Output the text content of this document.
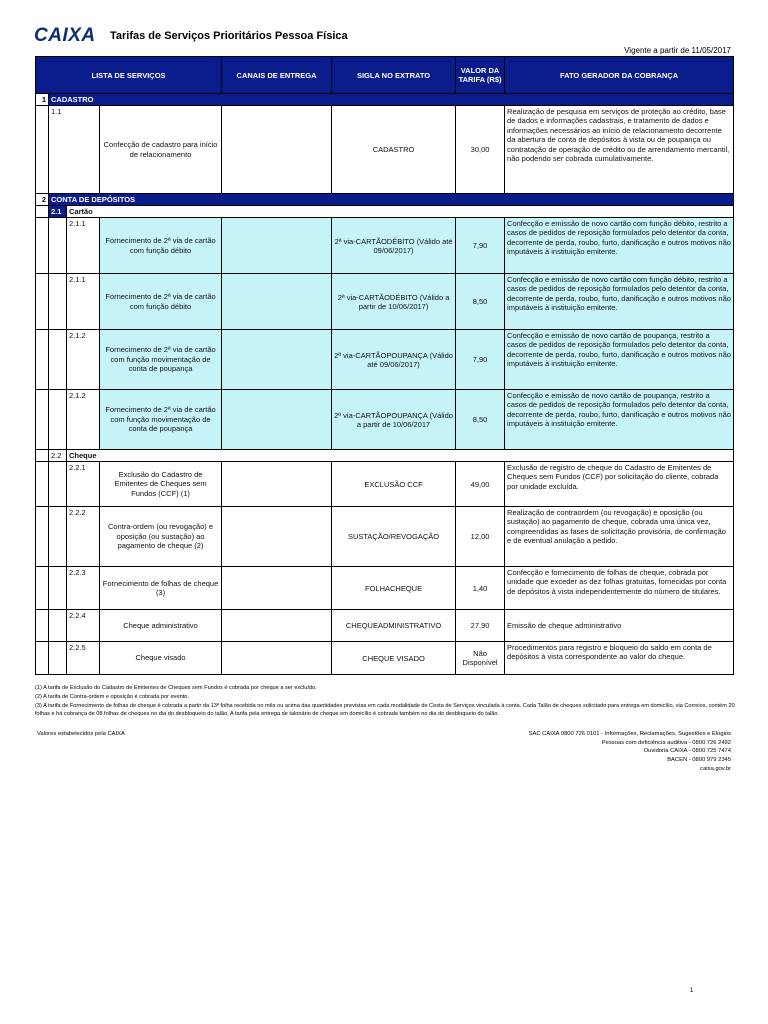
CAIXA	Tarifas de Serviços Prioritários Pessoa Física
Vigente a partir de 11/05/2017
LISTA DE SERVIÇOS				CANAIS DE ENTREGA	SIGLA NO EXTRATO	VALOR DA TARIFA (R$)	FATO GERADOR DA COBRANÇA
1	CADASTRO						
	1.1		Confecção de cadastro para início de relacionamento		CADASTRO	30,00	Realização de pesquisa em serviços de proteção ao crédito, base de dados e informações cadastrais, e tratamento de dados e informações necessários ao início de relacionamento decorrente da abertura de conta de depósitos à vista ou de poupança ou contratação de operação de crédito ou de arrendamento mercantil, não podendo ser cobrada cumulativamente.
2	CONTA DE DEPÓSITOS						
	2.1	Cartão					
		2.1.1	Fornecimento de 2ª via de cartão com função débito		2ª via-CARTÃODÉBITO (Válido até 09/06/2017)	7,90	Confecção e emissão de novo cartão com função débito, restrito a casos de pedidos de reposição formulados pelo detentor da conta, decorrente de perda, roubo, furto, danificação e outros motivos não imputáveis à instituição emitente.
		2.1.1	Fornecimento de 2ª via de cartão com função débito		2ª via-CARTÃODÉBITO (Válido a partir de 10/06/2017)	8,50	Confecção e emissão de novo cartão com função débito, restrito a casos de pedidos de reposição formulados pelo detentor da conta, decorrente de perda, roubo, furto, danificação e outros motivos não imputáveis à instituição emitente.
		2.1.2	Fornecimento de 2ª via de cartão com função movimentação de conta de poupança		2ª via-CARTÃOPOUPANÇA (Válido até 09/06/2017)	7,90	Confecção e emissão de novo cartão de poupança, restrito a casos de pedidos de reposição formulados pelo detentor da conta, decorrente de perda, roubo, furto, danificação e outros motivos não imputáveis à instituição emitente.
		2.1.2	Fornecimento de 2ª via de cartão com função movimentação de conta de poupança		2ª via-CARTÃOPOUPANÇA (Válido a partir de 10/06/2017	8,50	Confecção e emissão de novo cartão de poupança, restrito a casos de pedidos de reposição formulados pelo detentor da conta, decorrente de perda, roubo, furto, danificação e outros motivos não imputáveis à instituição emitente.
	2.2	Cheque					
		2.2.1	Exclusão do Cadastro de Emitentes de Cheques sem Fundos (CCF) (1)		EXCLUSÃO CCF	49,00	Exclusão de registro de cheque do Cadastro de Emitentes de Cheques sem Fundos (CCF) por solicitação do cliente, cobrada por unidade excluída.
		2.2.2	Contra-ordem (ou revogação) e oposição (ou sustação) ao pagamento de cheque (2)		SUSTAÇÃO/REVOGAÇÃO	12,00	Realização de contraordem (ou revogação) e oposição (ou sustação) ao pagamento de cheque, cobrada uma única vez, compreendidas as fases de solicitação provisória, de confirmação e de eventual anulação a pedido.
		2.2.3	Fornecimento de folhas de cheque (3)		FOLHACHEQUE	1,40	Confecção e fornecimento de folhas de cheque, cobrada por unidade que exceder as dez folhas gratuitas, fornecidas por conta de depósitos à vista independentemente do número de titulares.
		2.2.4	Cheque administrativo		CHEQUEADMINISTRATIVO	27,90	Emissão de cheque administrativo
		2.2.5	Cheque visado		CHEQUE VISADO	Não Disponível	Procedimentos para registro e bloqueio do saldo em conta de depósitos à vista correspondente ao valor do cheque.

(1) A tarifa de Exclusão do Cadastro de Emitentes de Cheques sem Fundos é cobrada por cheque a ser excluído.

(2) A tarifa de Contra-ordem e oposição é cobrada por evento.

(3) A tarifa de Fornecimento de folhas de cheque é cobrada a partir da 13ª folha recebida no mês ou acima das quantidades previstas em cada modalidade de Cesta de Serviços vinculada à conta. Cada Talão de cheques solicitado para entrega em domicílio, via Correios, contém 20 folhas e há cobrança de 08 folhas de cheques no dia do desbloqueio do talão. A tarifa pela entrega de talonário de cheque em domicílio é cobrada também no dia do desbloqueio do talão.

Valores estabelecidos pela CAIXA	SAC CAIXA 0800 726 0101 - Informações, Reclamações, Sugestões e Elogios
Pessoas com deficiência auditiva - 0800 726 2492
Ouvidoria CAIXA - 0800 725 7474
BACEN - 0800 979 2345
caixa.gov.br
1
